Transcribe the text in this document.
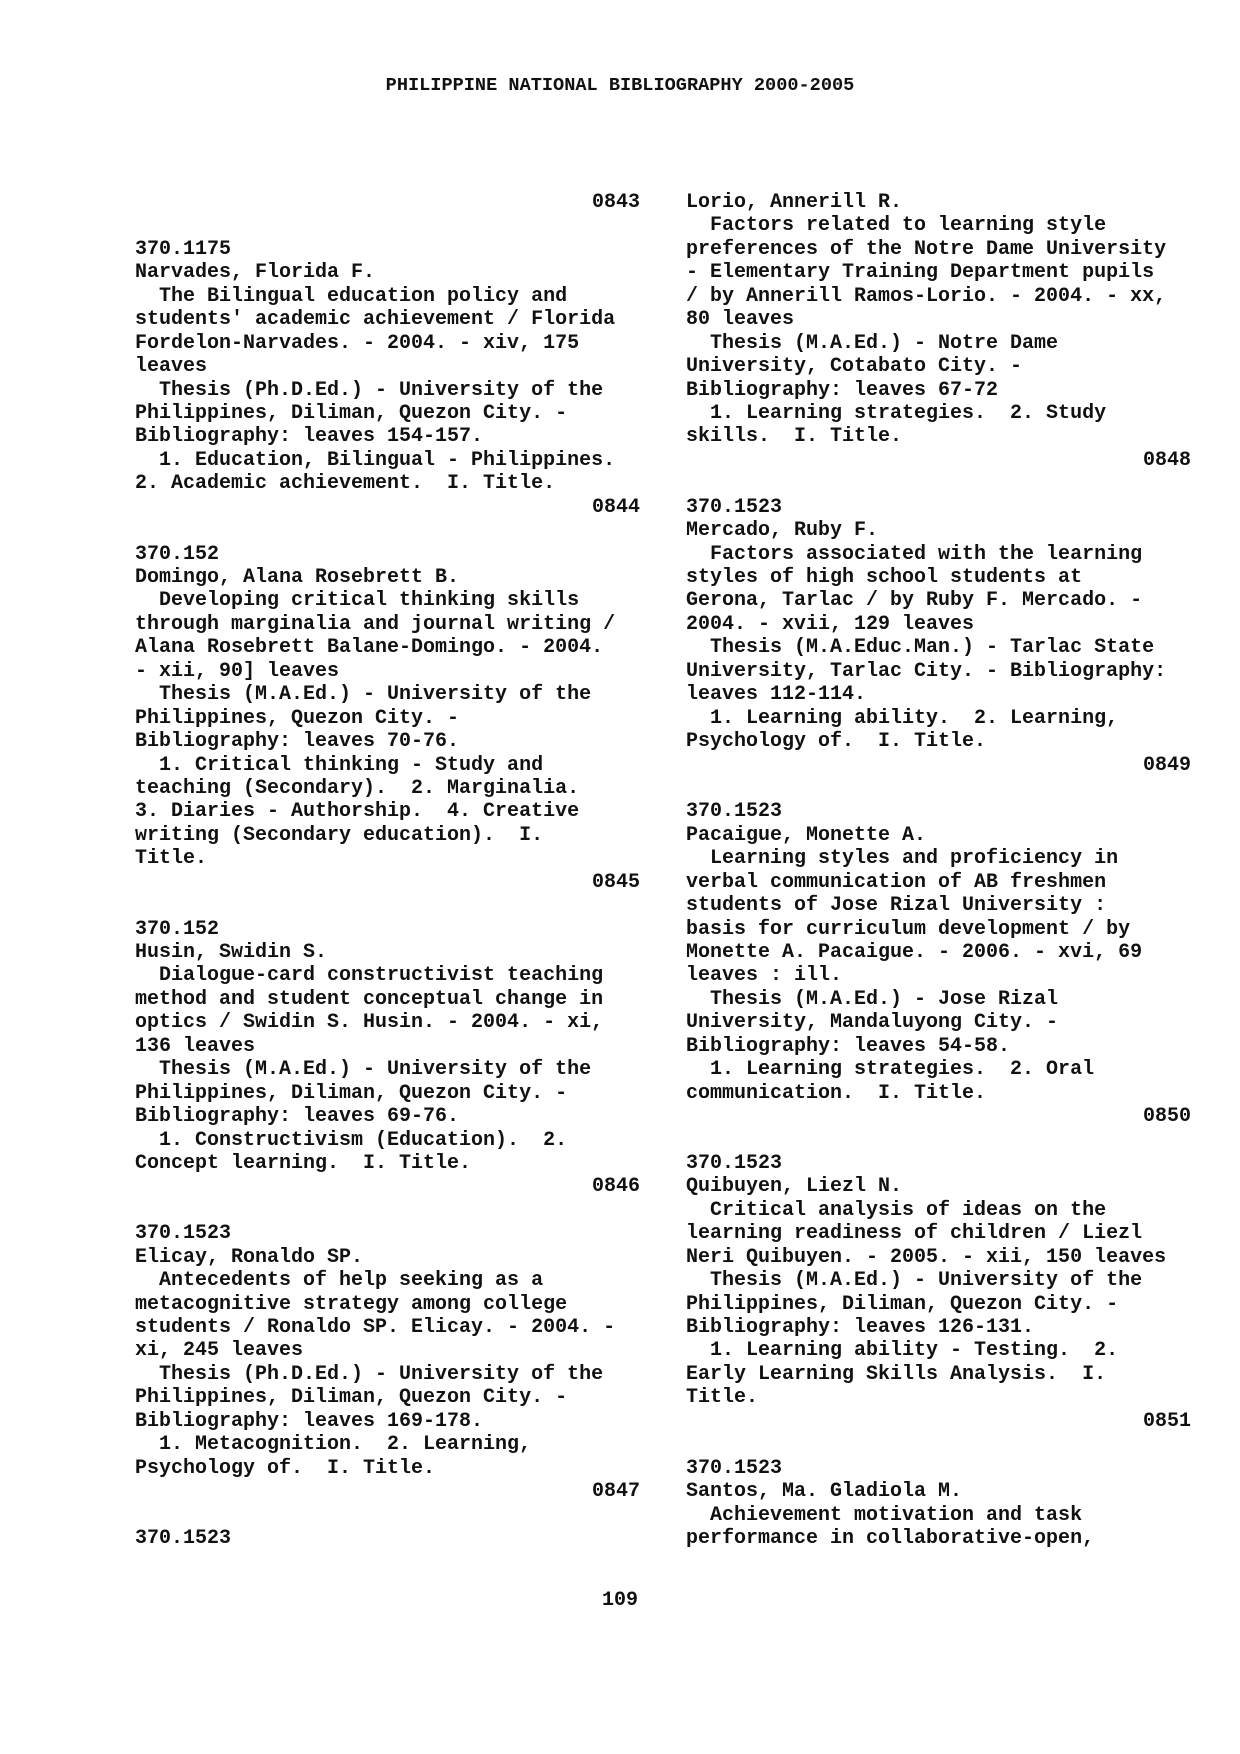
PHILIPPINE NATIONAL BIBLIOGRAPHY 2000-2005
0843
370.1175
Narvades, Florida F.
The Bilingual education policy and
students' academic achievement / Florida
Fordelon-Narvades. - 2004. - xiv, 175
leaves
Thesis (Ph.D.Ed.) - University of the
Philippines, Diliman, Quezon City. -
Bibliography: leaves 154-157.
1. Education, Bilingual - Philippines.
2. Academic achievement.  I. Title.
0844
370.152
Domingo, Alana Rosebrett B.
Developing critical thinking skills
through marginalia and journal writing /
Alana Rosebrett Balane-Domingo. - 2004.
- xii, 90] leaves
Thesis (M.A.Ed.) - University of the
Philippines, Quezon City. -
Bibliography: leaves 70-76.
1. Critical thinking - Study and
teaching (Secondary).  2. Marginalia.
3. Diaries - Authorship.  4. Creative
writing (Secondary education).  I.
Title.
0845
370.152
Husin, Swidin S.
Dialogue-card constructivist teaching
method and student conceptual change in
optics / Swidin S. Husin. - 2004. - xi,
136 leaves
Thesis (M.A.Ed.) - University of the
Philippines, Diliman, Quezon City. -
Bibliography: leaves 69-76.
1. Constructivism (Education).  2.
Concept learning.  I. Title.
0846
370.1523
Elicay, Ronaldo SP.
Antecedents of help seeking as a
metacognitive strategy among college
students / Ronaldo SP. Elicay. - 2004. -
xi, 245 leaves
Thesis (Ph.D.Ed.) - University of the
Philippines, Diliman, Quezon City. -
Bibliography: leaves 169-178.
1. Metacognition.  2. Learning,
Psychology of.  I. Title.
0847
370.1523
Lorio, Annerill R.
Factors related to learning style
preferences of the Notre Dame University
- Elementary Training Department pupils
/ by Annerill Ramos-Lorio. - 2004. - xx,
80 leaves
Thesis (M.A.Ed.) - Notre Dame
University, Cotabato City. -
Bibliography: leaves 67-72
1. Learning strategies.  2. Study
skills.  I. Title.
0848
370.1523
Mercado, Ruby F.
Factors associated with the learning
styles of high school students at
Gerona, Tarlac / by Ruby F. Mercado. -
2004. - xvii, 129 leaves
Thesis (M.A.Educ.Man.) - Tarlac State
University, Tarlac City. - Bibliography:
leaves 112-114.
1. Learning ability.  2. Learning,
Psychology of.  I. Title.
0849
370.1523
Pacaigue, Monette A.
Learning styles and proficiency in
verbal communication of AB freshmen
students of Jose Rizal University :
basis for curriculum development / by
Monette A. Pacaigue. - 2006. - xvi, 69
leaves : ill.
Thesis (M.A.Ed.) - Jose Rizal
University, Mandaluyong City. -
Bibliography: leaves 54-58.
1. Learning strategies.  2. Oral
communication.  I. Title.
0850
370.1523
Quibuyen, Liezl N.
Critical analysis of ideas on the
learning readiness of children / Liezl
Neri Quibuyen. - 2005. - xii, 150 leaves
Thesis (M.A.Ed.) - University of the
Philippines, Diliman, Quezon City. -
Bibliography: leaves 126-131.
1. Learning ability - Testing.  2.
Early Learning Skills Analysis.  I.
Title.
0851
370.1523
Santos, Ma. Gladiola M.
Achievement motivation and task
performance in collaborative-open,
109
